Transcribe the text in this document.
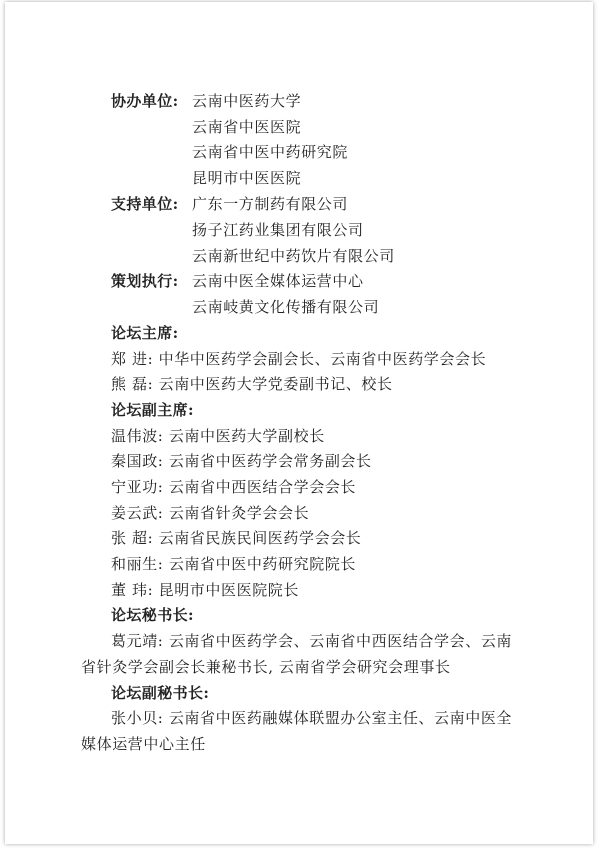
协办单位: 云南中医药大学
云南省中医医院
云南省中医中药研究院
昆明市中医医院
支持单位: 广东一方制药有限公司
扬子江药业集团有限公司
云南新世纪中药饮片有限公司
策划执行: 云南中医全媒体运营中心
云南岐黄文化传播有限公司
论坛主席:
郑 进: 中华中医药学会副会长、云南省中医药学会会长
熊 磊: 云南中医药大学党委副书记、校长
论坛副主席:
温伟波: 云南中医药大学副校长
秦国政: 云南省中医药学会常务副会长
宁亚功: 云南省中西医结合学会会长
姜云武: 云南省针灸学会会长
张 超: 云南省民族民间医药学会会长
和丽生: 云南省中医中药研究院院长
董 玮: 昆明市中医医院院长
论坛秘书长:
葛元靖: 云南省中医药学会、云南省中西医结合学会、云南
省针灸学会副会长兼秘书长, 云南省学会研究会理事长
论坛副秘书长:
张小贝: 云南省中医药融媒体联盟办公室主任、云南中医全
媒体运营中心主任
